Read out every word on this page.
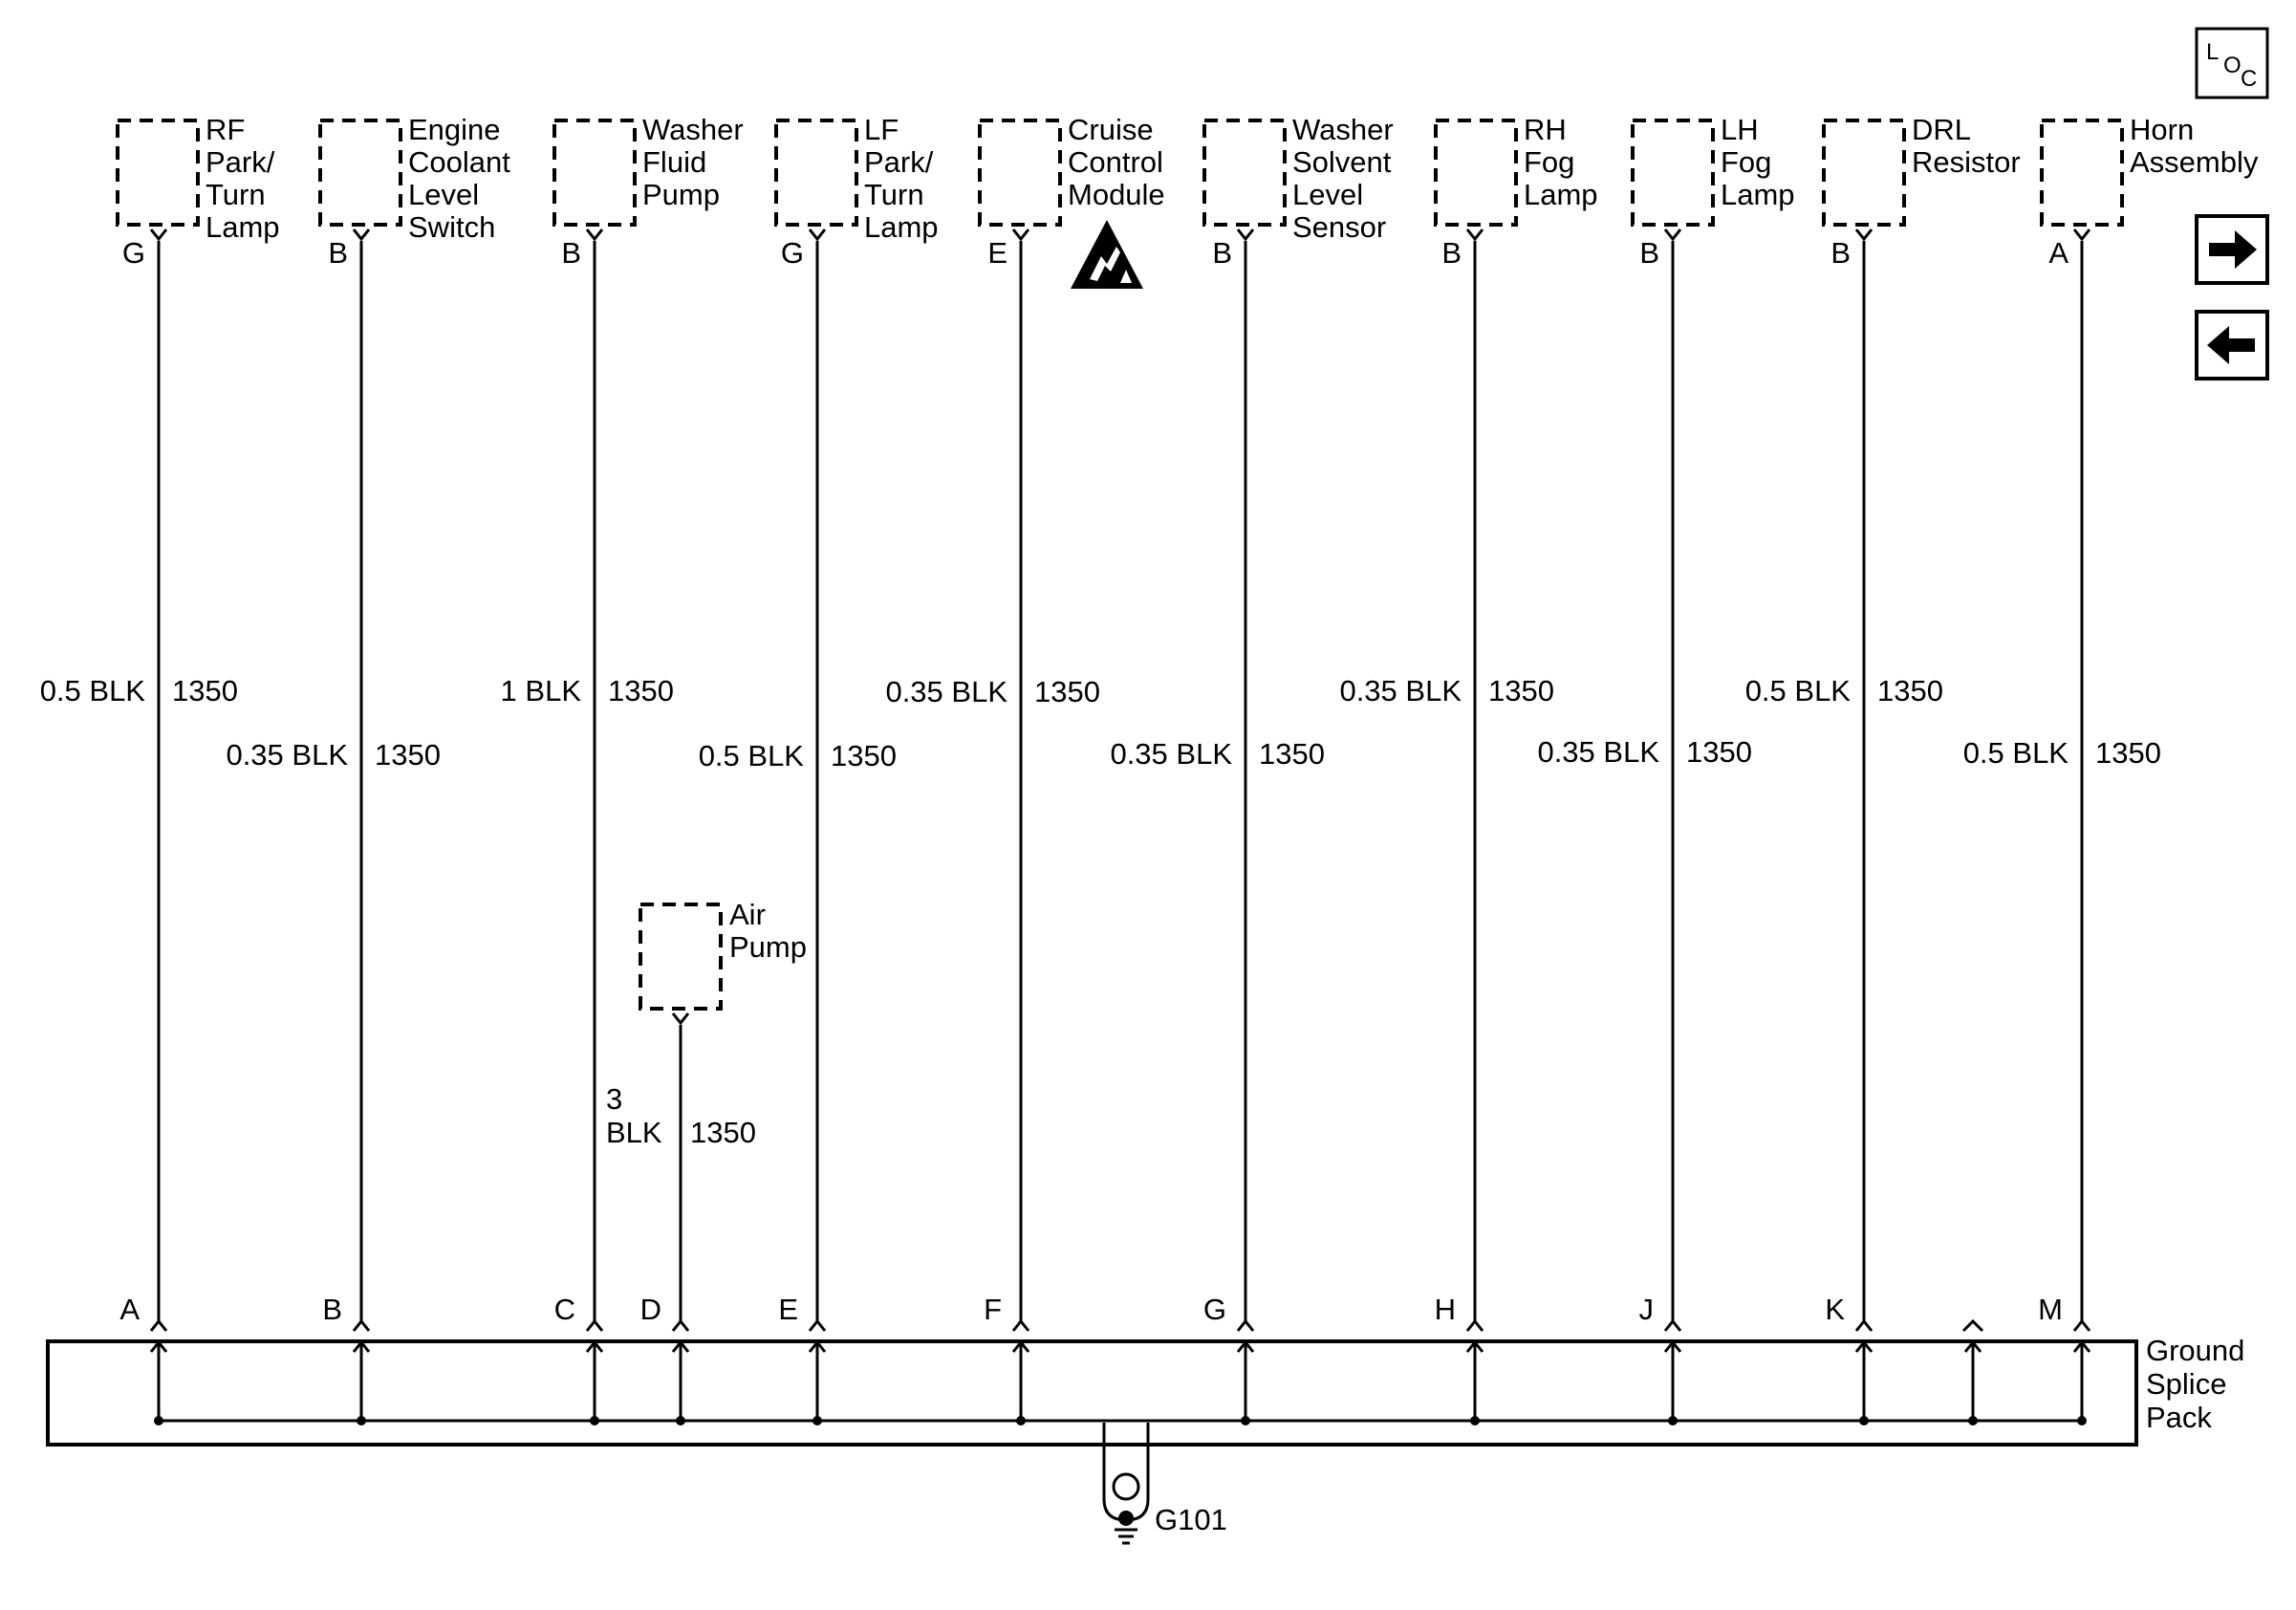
L
O
C
RF
Park/
Turn
Lamp
G
0.5 BLK 1350
A
Engine
Coolant
Level
Switch
B
0.35 BLK 1350
B
Washer
Fluid
Pump
B
1 BLK 1350
C
LF
Park/
Turn
Lamp
G
0.5 BLK 1350
E
Cruise
Control
Module
E
0.35 BLK 1350
F
Washer
Solvent
Level
Sensor
B
0.35 BLK 1350
G
RH
Fog
Lamp
B
0.35 BLK 1350
H
LH
Fog
Lamp
B
0.35 BLK 1350
J
DRL
Resistor
B
0.5 BLK 1350
K
Horn
Assembly
A
0.5 BLK 1350
M
Ground
Splice
Pack
G101
Air
Pump
3
BLK 1350
D
